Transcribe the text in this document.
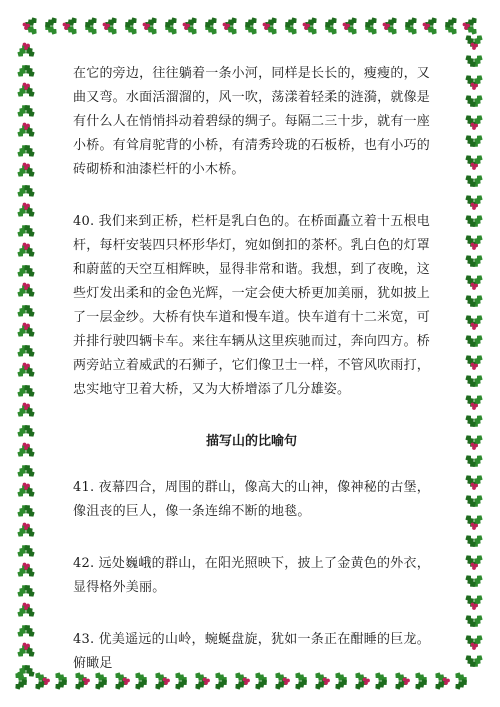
在它的旁边，往往躺着一条小河，同样是长长的，瘦瘦的，又曲又弯。水面活溜溜的，风一吹，荡漾着轻柔的涟漪，就像是有什么人在悄悄抖动着碧绿的绸子。每隔二三十步，就有一座小桥。有耸肩驼背的小桥，有清秀玲珑的石板桥，也有小巧的砖砌桥和油漆栏杆的小木桥。

40. 我们来到正桥，栏杆是乳白色的。在桥面矗立着十五根电杆，每杆安装四只杯形华灯，宛如倒扣的茶杯。乳白色的灯罩和蔚蓝的天空互相辉映，显得非常和谐。我想，到了夜晚，这些灯发出柔和的金色光辉，一定会使大桥更加美丽，犹如披上了一层金纱。大桥有快车道和慢车道。快车道有十二米宽，可并排行驶四辆卡车。来往车辆从这里疾驰而过，奔向四方。桥两旁站立着威武的石狮子，它们像卫士一样，不管风吹雨打，忠实地守卫着大桥，又为大桥增添了几分雄姿。

描写山的比喻句

41. 夜幕四合，周围的群山，像高大的山神，像神秘的古堡，像沮丧的巨人，像一条连绵不断的地毯。

42. 远处巍峨的群山，在阳光照映下，披上了金黄色的外衣，显得格外美丽。

43. 优美遥远的山岭，蜿蜒盘旋，犹如一条正在酣睡的巨龙。俯瞰足
